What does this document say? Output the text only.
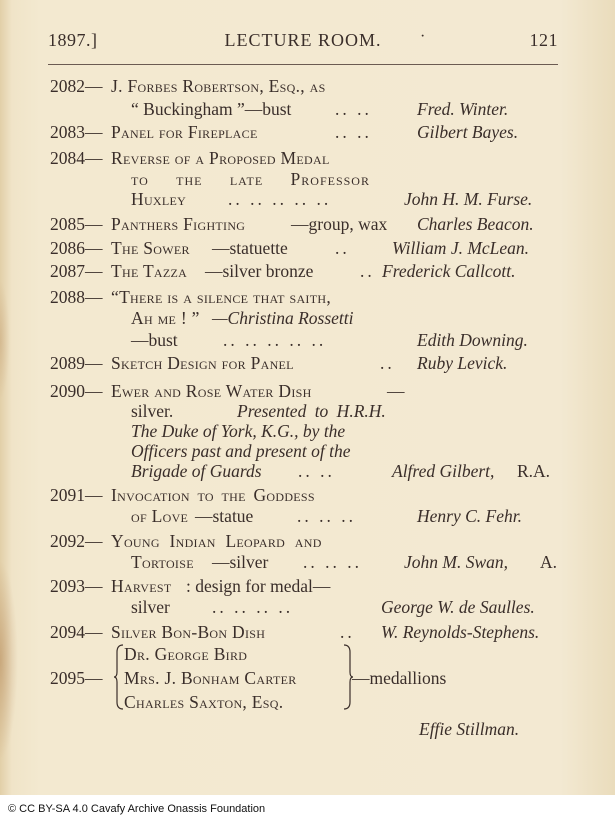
1897.]	LECTURE ROOM.	·	121
2082— J. Forbes Robertson, Esq., as
“ Buckingham ”—bust .. ..	Fred. Winter.
2083— Panel for Fireplace	.. ..	Gilbert Bayes.
2084— Reverse of a Proposed Medal
to the late Professor
Huxley .. .. .. .. ..	John H. M. Furse.
2085— Panthers Fighting	—group, wax Charles Beacon.
2086— The Sower —statuette	.. William J. McLean.
2087— The Tazza —silver bronze	.. Frederick Callcott.
2088— “There is a silence that saith,
Ah me ! ” —Christina Rossetti
—bust	.. .. .. .. ..	Edith Downing.
2089— Sketch Design for Panel	.. Ruby Levick.
2090— Ewer and Rose Water Dish	—
silver.	Presented to H.R.H.
The Duke of York, K.G., by the
Officers past and present of the
Brigade of Guards .. ..	Alfred Gilbert, R.A.
2091— Invocation to the Goddess
of Love —statue .. .. ..	Henry C. Fehr.
2092— Young Indian Leopard and
Tortoise —silver .. .. .. John M. Swan, A.
2093— Harvest : design for medal—
silver .. .. .. ..	George W. de Saulles.
2094— Silver Bon-Bon Dish	.. W. Reynolds-Stephens.
Dr. George Bird
2095— Mrs. J. Bonham Carter	—medallions
Charles Saxton, Esq.
Effie Stillman.
© CC BY-SA 4.0 Cavafy Archive Onassis Foundation
